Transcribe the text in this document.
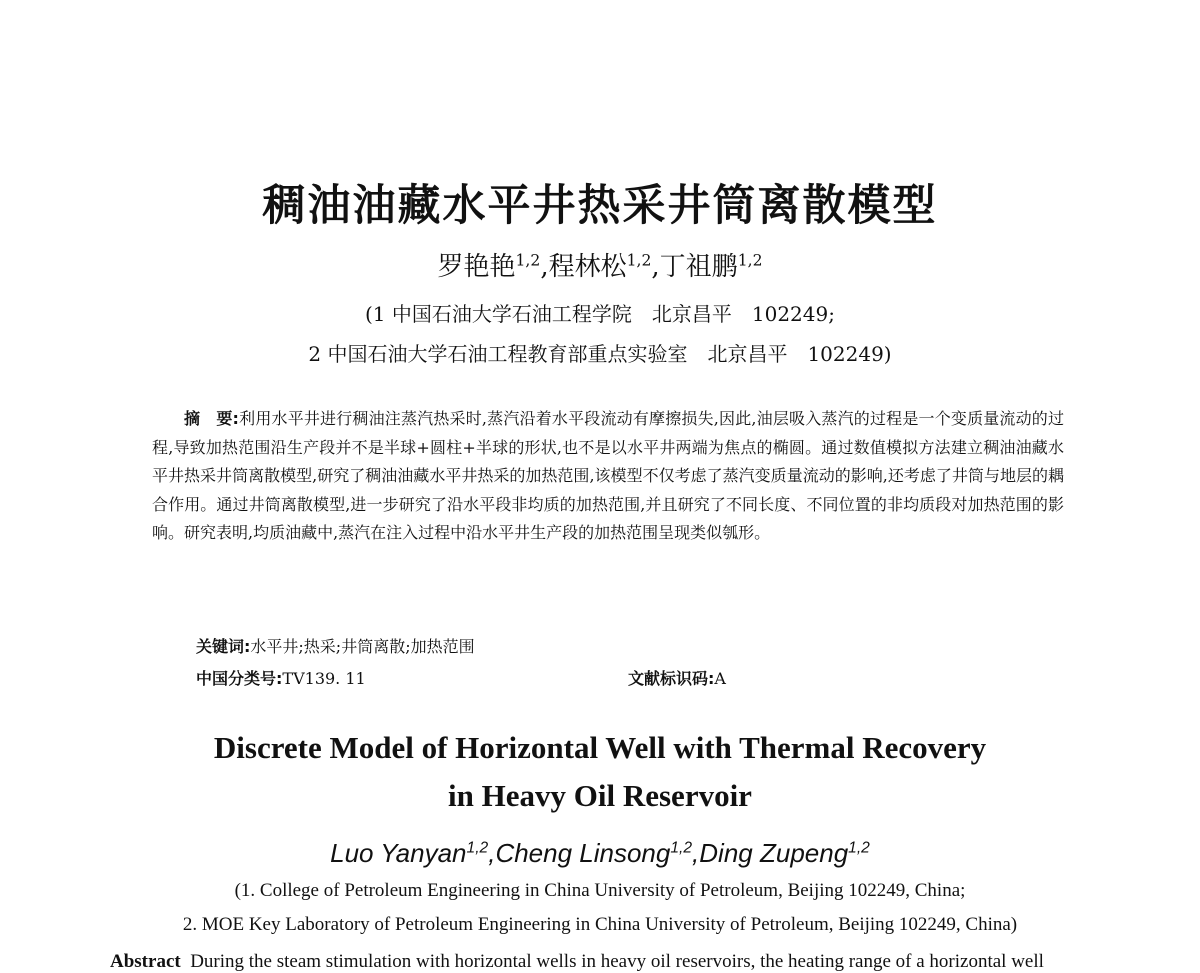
稠油油藏水平井热采井筒离散模型
罗艳艳$^{1,2}$,程林松$^{1,2}$,丁祖鹏$^{1,2}$
(1 中国石油大学石油工程学院　北京昌平　102249;
2 中国石油大学石油工程教育部重点实验室　北京昌平　102249)
摘　要:利用水平井进行稠油注蒸汽热采时,蒸汽沿着水平段流动有摩擦损失,因此,油层吸入蒸汽的过程是一个变质量流动的过程,导致加热范围沿生产段并不是半球+圆柱+半球的形状,也不是以水平井两端为焦点的椭圆。通过数值模拟方法建立稠油油藏水平井热采井筒离散模型,研究了稠油油藏水平井热采的加热范围,该模型不仅考虑了蒸汽变质量流动的影响,还考虑了井筒与地层的耦合作用。通过井筒离散模型,进一步研究了沿水平段非均质的加热范围,并且研究了不同长度、不同位置的非均质段对加热范围的影响。研究表明,均质油藏中,蒸汽在注入过程中沿水平井生产段的加热范围呈现类似瓠形。
关键词:水平井;热采;井筒离散;加热范围
中国分类号:TV139. 11	文献标识码:A
Discrete Model of Horizontal Well with Thermal Recovery
in Heavy Oil Reservoir
Luo Yanyan$^{1,2}$,Cheng Linsong$^{1,2}$,Ding Zupeng$^{1,2}$
(1. College of Petroleum Engineering in China University of Petroleum, Beijing 102249, China;
2. MOE Key Laboratory of Petroleum Engineering in China University of Petroleum, Beijing 102249, China)
Abstract During the steam stimulation with horizontal wells in heavy oil reservoirs, the heating range of a horizontal well
